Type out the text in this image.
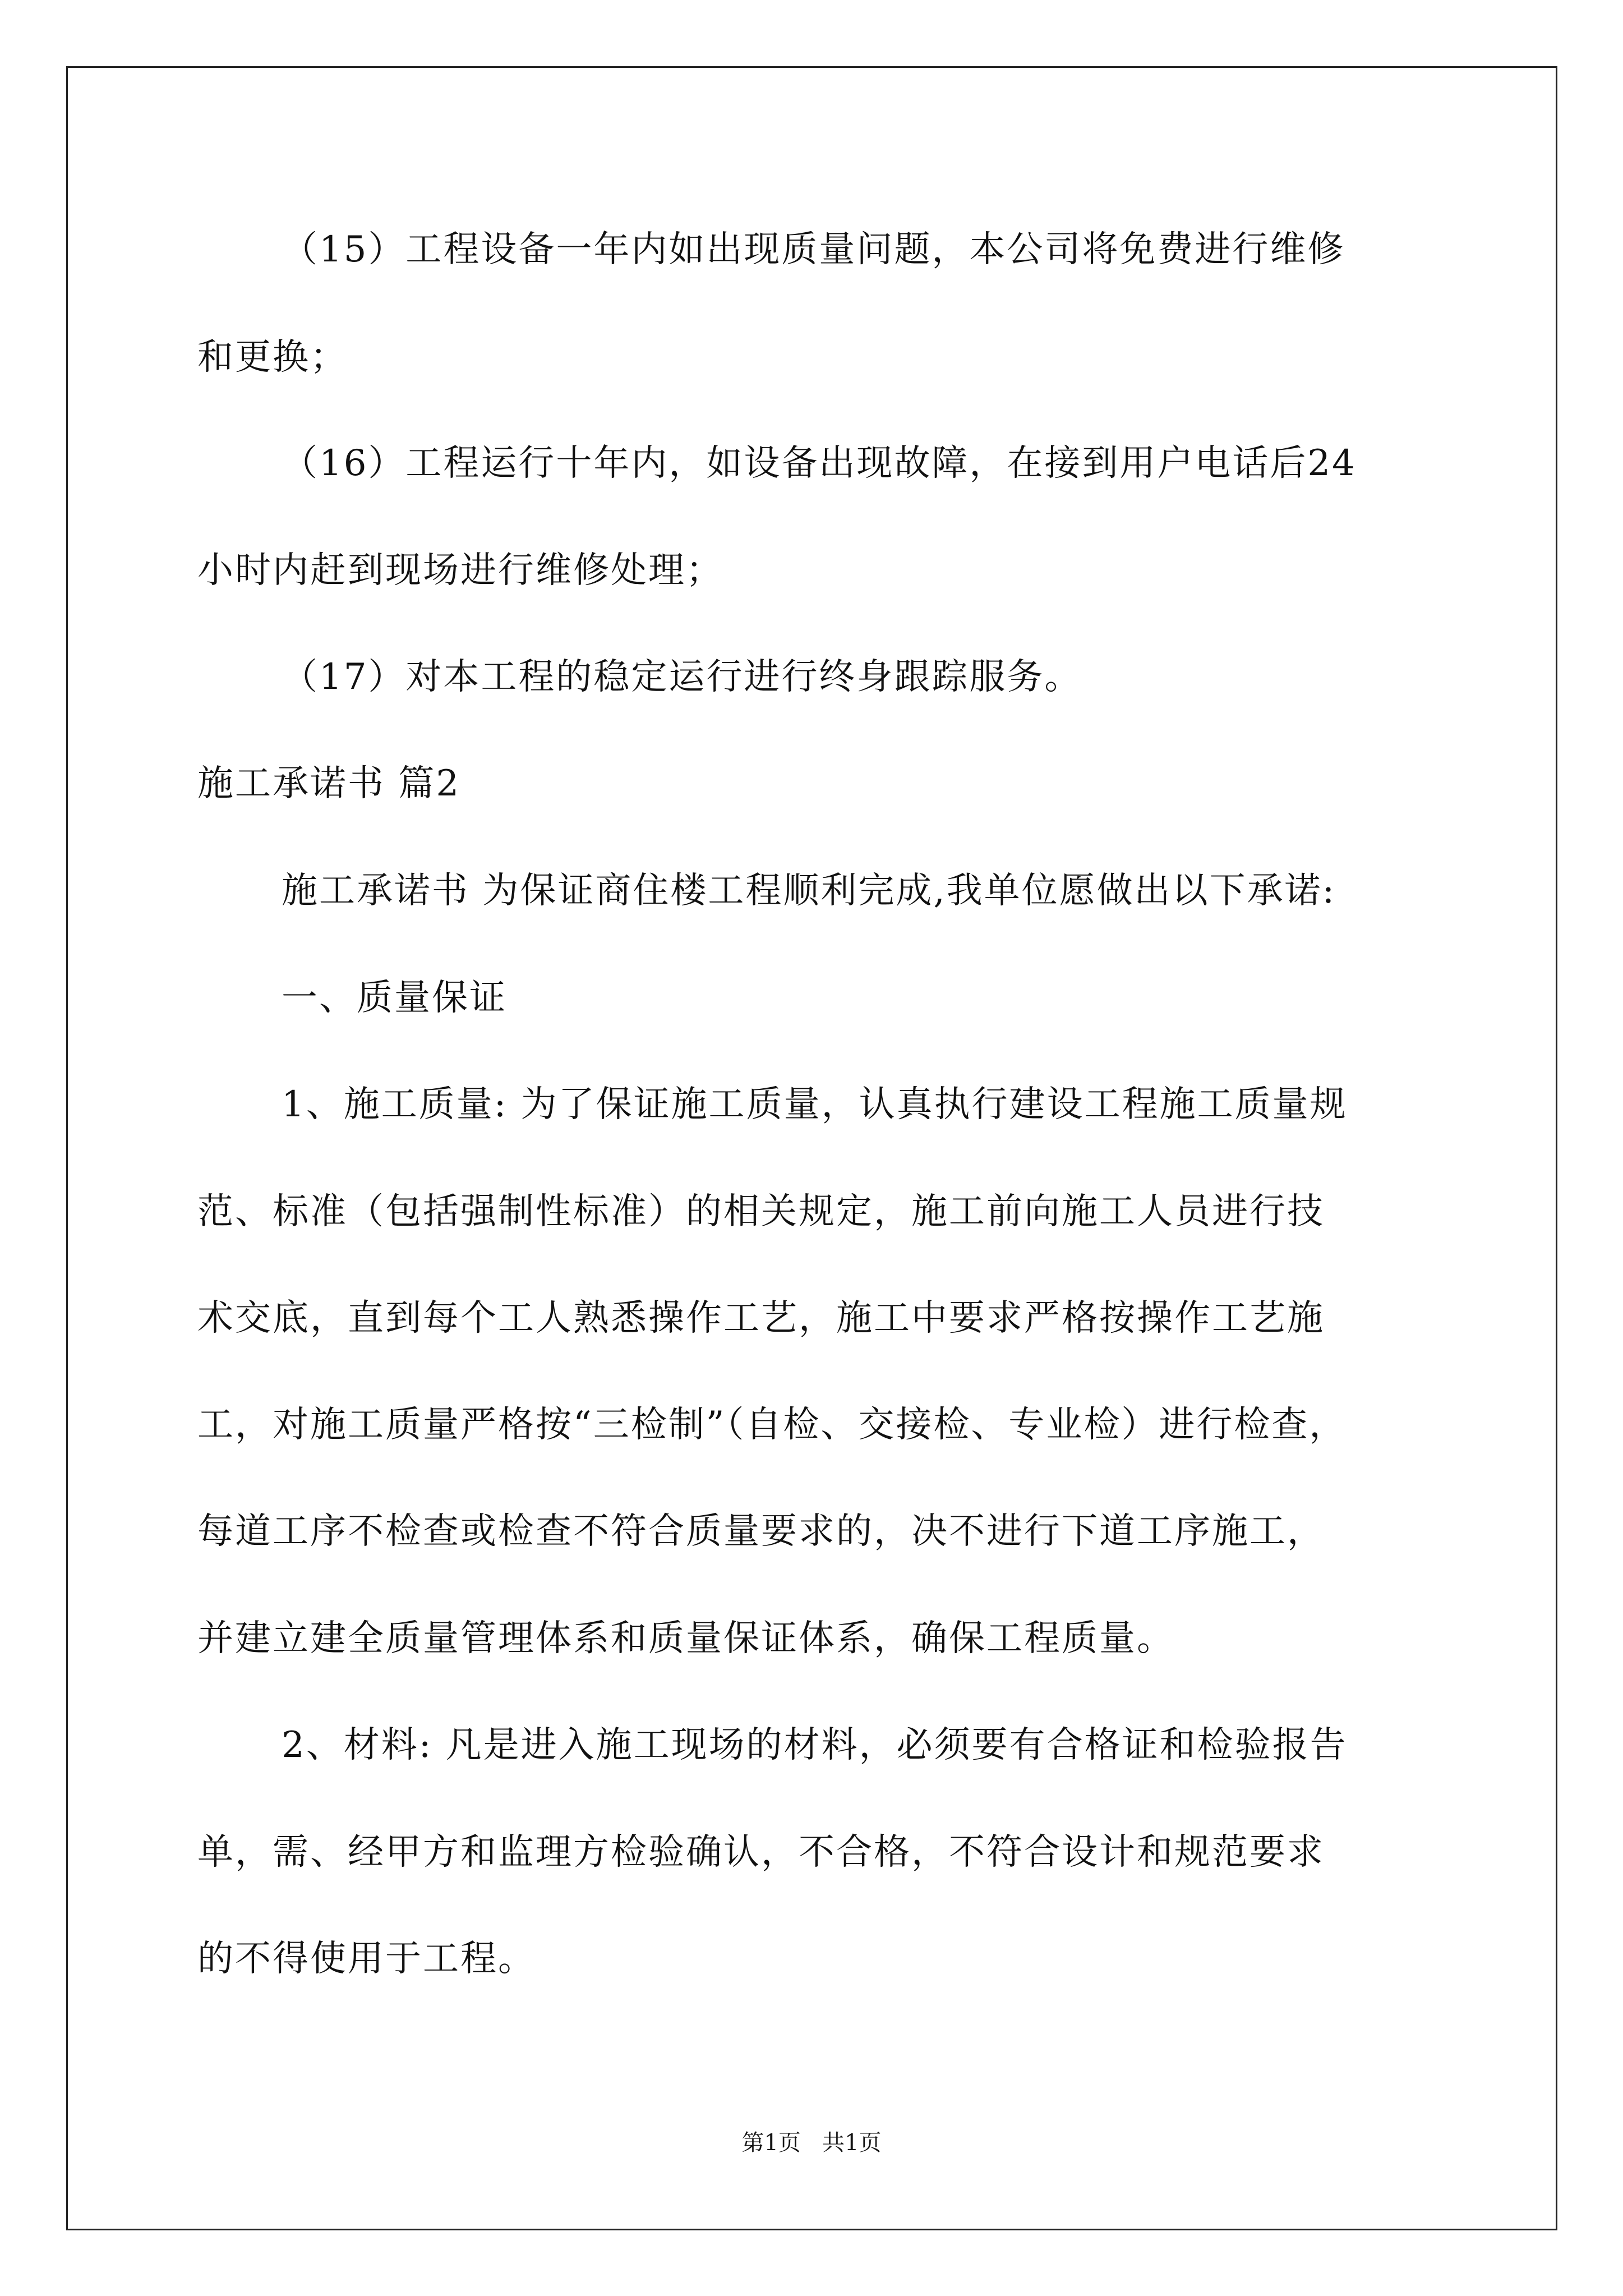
（15）工程设备一年内如出现质量问题，本公司将免费进行维修
和更换；
（16）工程运行十年内，如设备出现故障，在接到用户电话后24
小时内赶到现场进行维修处理；
（17）对本工程的稳定运行进行终身跟踪服务。
施工承诺书 篇2
施工承诺书 为保证商住楼工程顺利完成,我单位愿做出以下承诺:
一、质量保证
1、施工质量: 为了保证施工质量，认真执行建设工程施工质量规
范、标准（包括强制性标准）的相关规定，施工前向施工人员进行技
术交底，直到每个工人熟悉操作工艺，施工中要求严格按操作工艺施
工，对施工质量严格按“三检制”（自检、交接检、专业检）进行检查，
每道工序不检查或检查不符合质量要求的，决不进行下道工序施工，
并建立建全质量管理体系和质量保证体系，确保工程质量。
2、材料: 凡是进入施工现场的材料，必须要有合格证和检验报告
单，需、经甲方和监理方检验确认，不合格，不符合设计和规范要求
的不得使用于工程。
第1页   共1页
